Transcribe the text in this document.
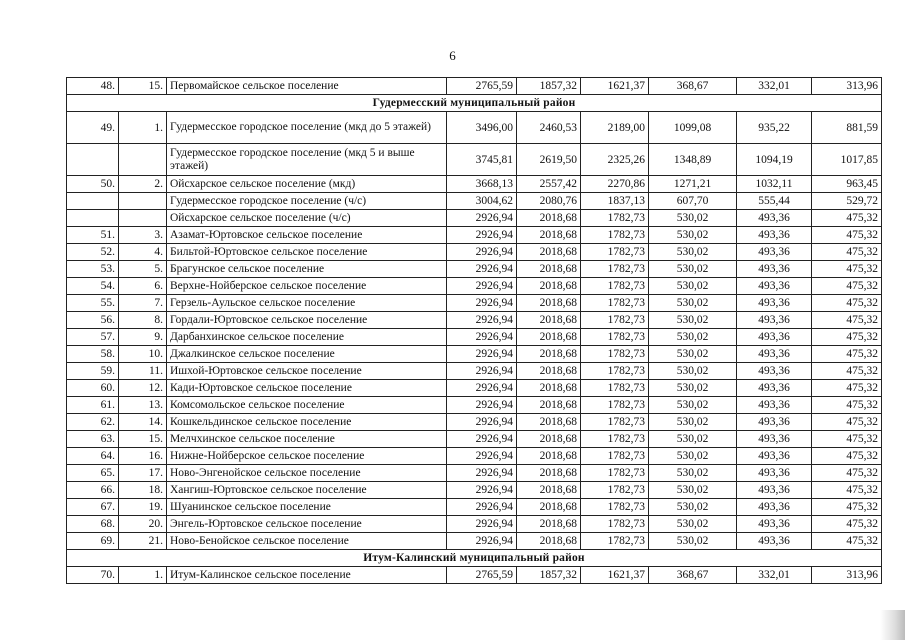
6
48.	15.	Первомайское сельское поселение	2765,59	1857,32	1621,37	368,67	332,01	313,96
Гудермесский муниципальный район								
49.	1.	Гудермесское городское поселение (мкд до 5 этажей)	3496,00	2460,53	2189,00	1099,08	935,22	881,59
		Гудермесское городское поселение (мкд 5 и выше этажей)	3745,81	2619,50	2325,26	1348,89	1094,19	1017,85
50.	2.	Ойсхарское сельское поселение (мкд)	3668,13	2557,42	2270,86	1271,21	1032,11	963,45
		Гудермесское городское поселение (ч/с)	3004,62	2080,76	1837,13	607,70	555,44	529,72
		Ойсхарское сельское поселение (ч/с)	2926,94	2018,68	1782,73	530,02	493,36	475,32
51.	3.	Азамат-Юртовское сельское поселение	2926,94	2018,68	1782,73	530,02	493,36	475,32
52.	4.	Бильтой-Юртовское сельское поселение	2926,94	2018,68	1782,73	530,02	493,36	475,32
53.	5.	Брагунское сельское поселение	2926,94	2018,68	1782,73	530,02	493,36	475,32
54.	6.	Верхне-Нойберское сельское поселение	2926,94	2018,68	1782,73	530,02	493,36	475,32
55.	7.	Герзель-Аульское сельское поселение	2926,94	2018,68	1782,73	530,02	493,36	475,32
56.	8.	Гордали-Юртовское сельское поселение	2926,94	2018,68	1782,73	530,02	493,36	475,32
57.	9.	Дарбанхинское сельское поселение	2926,94	2018,68	1782,73	530,02	493,36	475,32
58.	10.	Джалкинское сельское поселение	2926,94	2018,68	1782,73	530,02	493,36	475,32
59.	11.	Ишхой-Юртовское сельское поселение	2926,94	2018,68	1782,73	530,02	493,36	475,32
60.	12.	Кади-Юртовское сельское поселение	2926,94	2018,68	1782,73	530,02	493,36	475,32
61.	13.	Комсомольское сельское поселение	2926,94	2018,68	1782,73	530,02	493,36	475,32
62.	14.	Кошкельдинское сельское поселение	2926,94	2018,68	1782,73	530,02	493,36	475,32
63.	15.	Мелчхинское сельское поселение	2926,94	2018,68	1782,73	530,02	493,36	475,32
64.	16.	Нижне-Нойберское сельское поселение	2926,94	2018,68	1782,73	530,02	493,36	475,32
65.	17.	Ново-Энгенойское сельское поселение	2926,94	2018,68	1782,73	530,02	493,36	475,32
66.	18.	Хангиш-Юртовское сельское поселение	2926,94	2018,68	1782,73	530,02	493,36	475,32
67.	19.	Шуанинское сельское поселение	2926,94	2018,68	1782,73	530,02	493,36	475,32
68.	20.	Энгель-Юртовское сельское поселение	2926,94	2018,68	1782,73	530,02	493,36	475,32
69.	21.	Ново-Бенойское сельское поселение	2926,94	2018,68	1782,73	530,02	493,36	475,32
Итум-Калинский муниципальный район								
70.	1.	Итум-Калинское сельское поселение	2765,59	1857,32	1621,37	368,67	332,01	313,96
